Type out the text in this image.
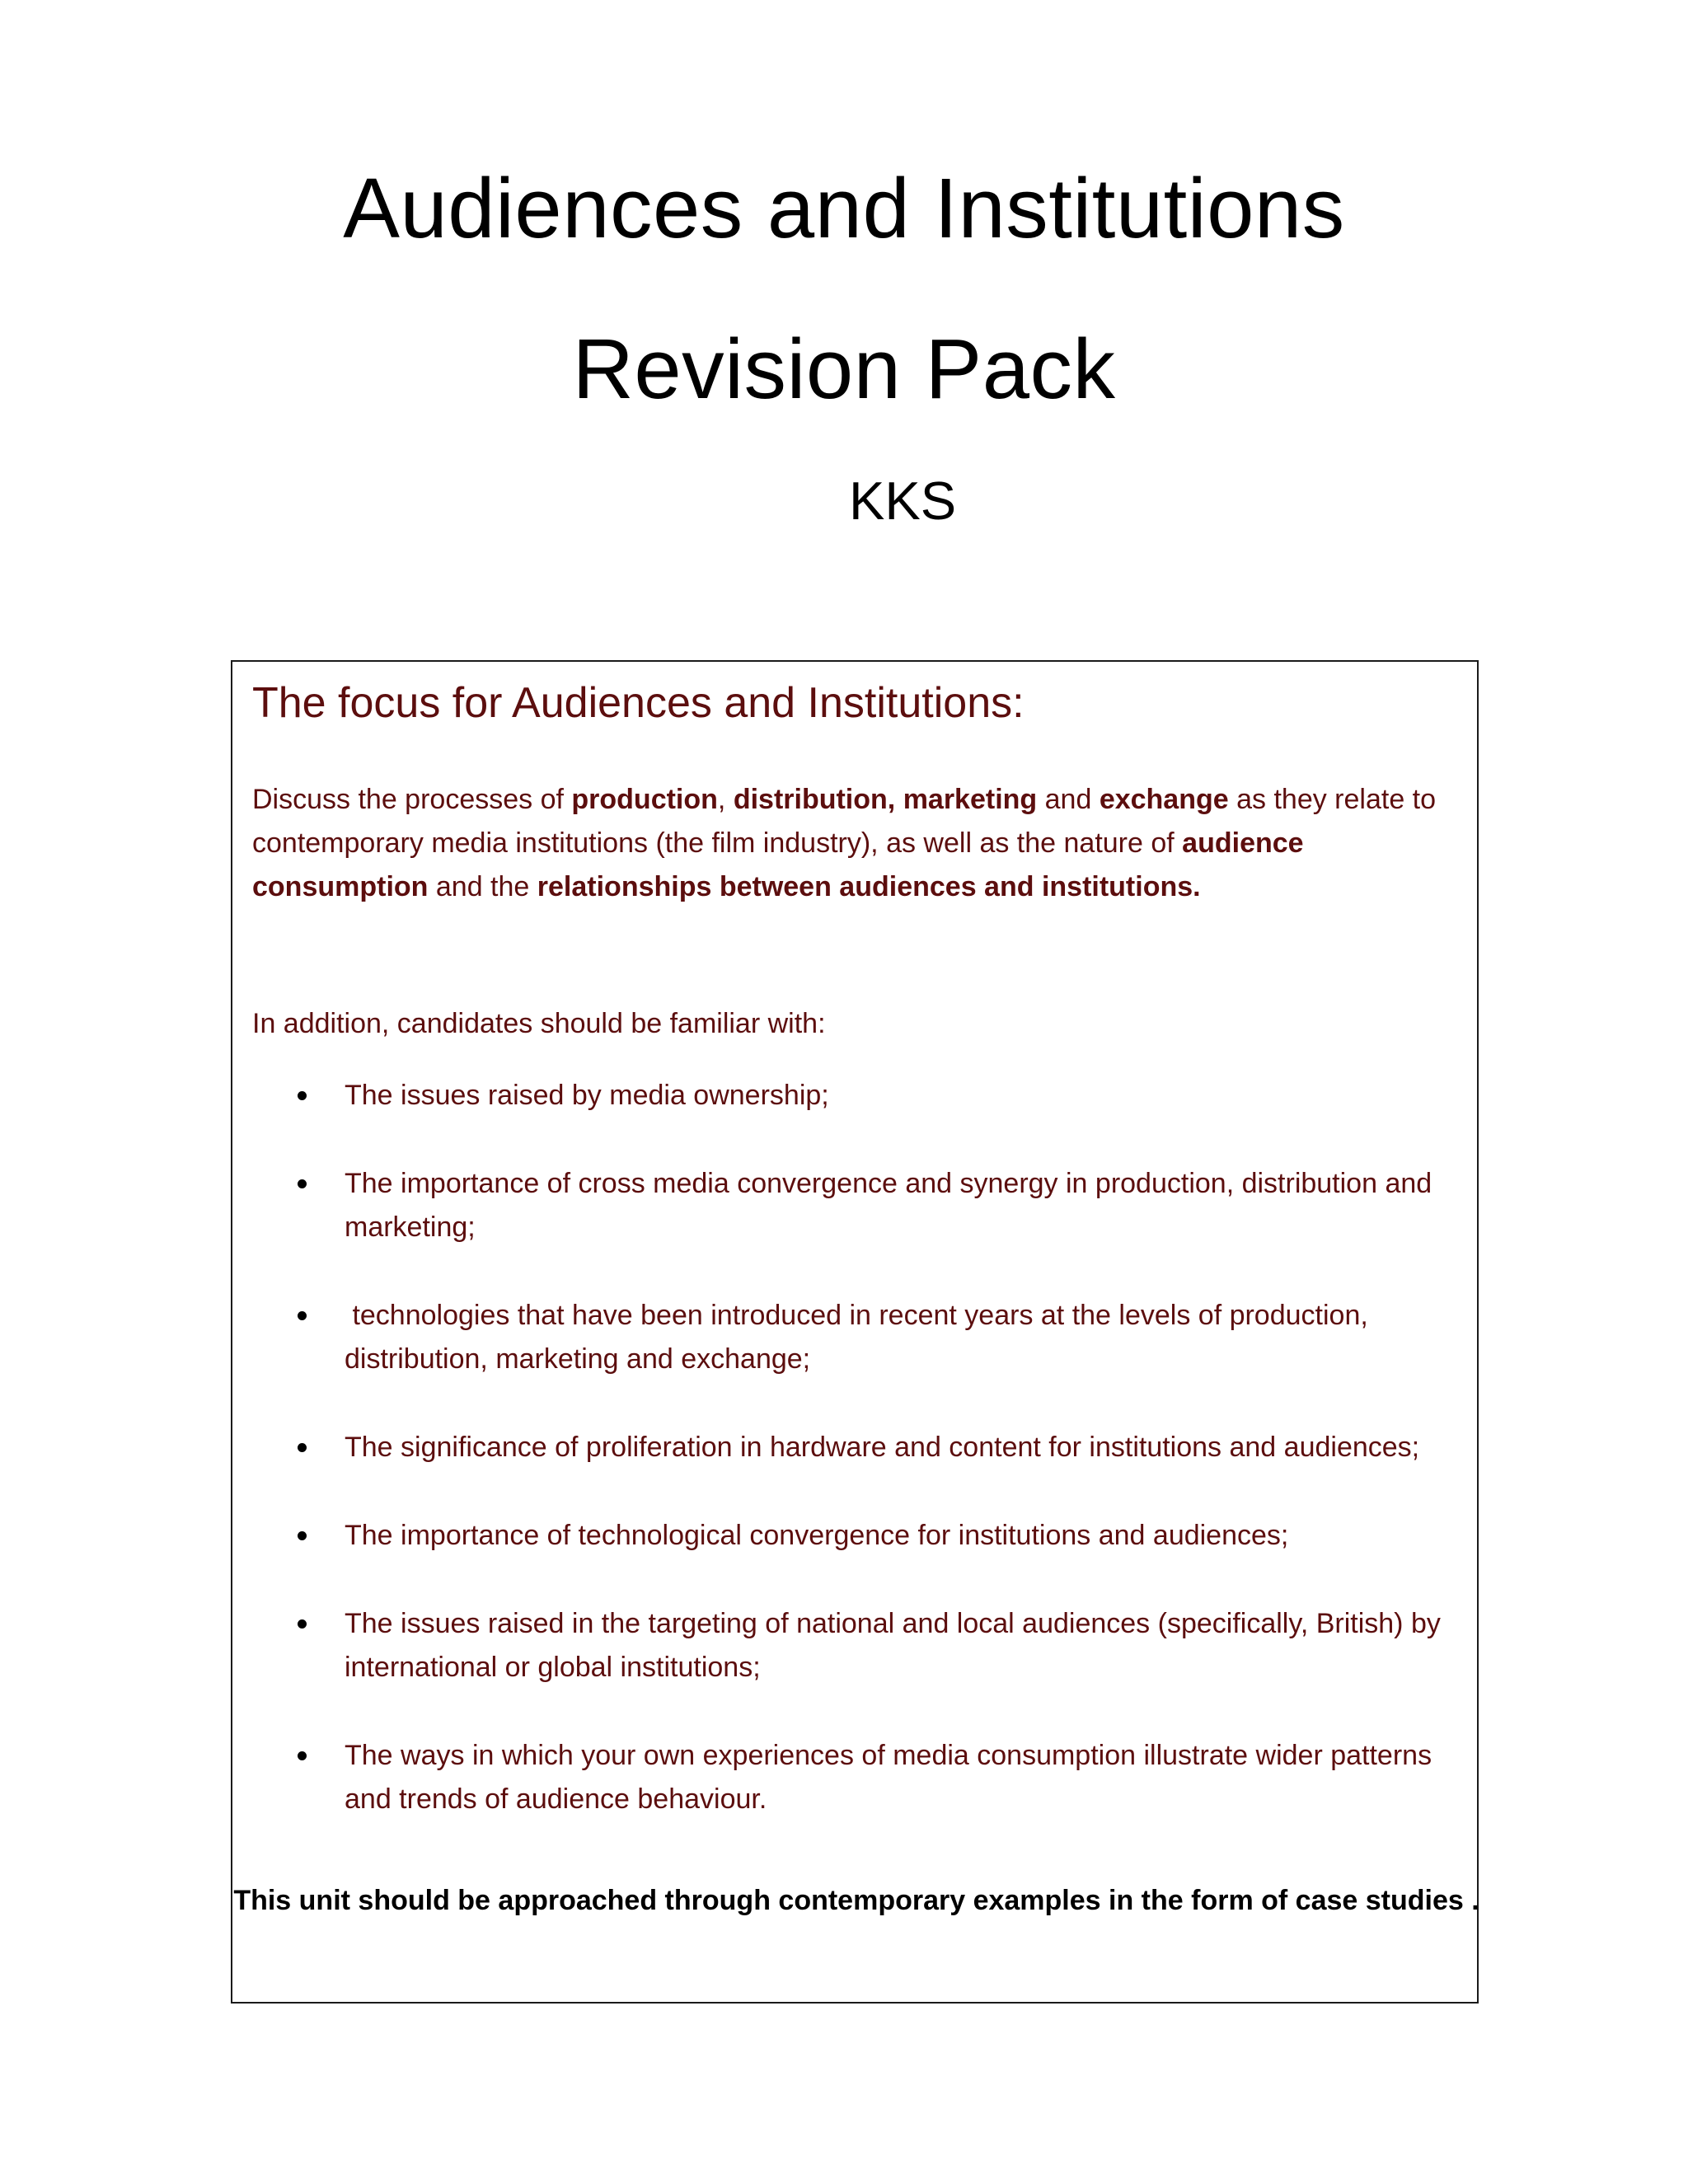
Audiences and Institutions
Revision Pack

KKS

The focus for Audiences and Institutions:

Discuss the processes of production, distribution, marketing and exchange as they relate to contemporary media institutions (the film industry), as well as the nature of audience consumption and the relationships between audiences and institutions.

In addition, candidates should be familiar with:

The issues raised by media ownership;
The importance of cross media convergence and synergy in production, distribution and marketing;
technologies that have been introduced in recent years at the levels of production, distribution, marketing and exchange;
The significance of proliferation in hardware and content for institutions and audiences;
The importance of technological convergence for institutions and audiences;
The issues raised in the targeting of national and local audiences (specifically, British) by international or global institutions;
The ways in which your own experiences of media consumption illustrate wider patterns and trends of audience behaviour.

This unit should be approached through contemporary examples in the form of case studies .
